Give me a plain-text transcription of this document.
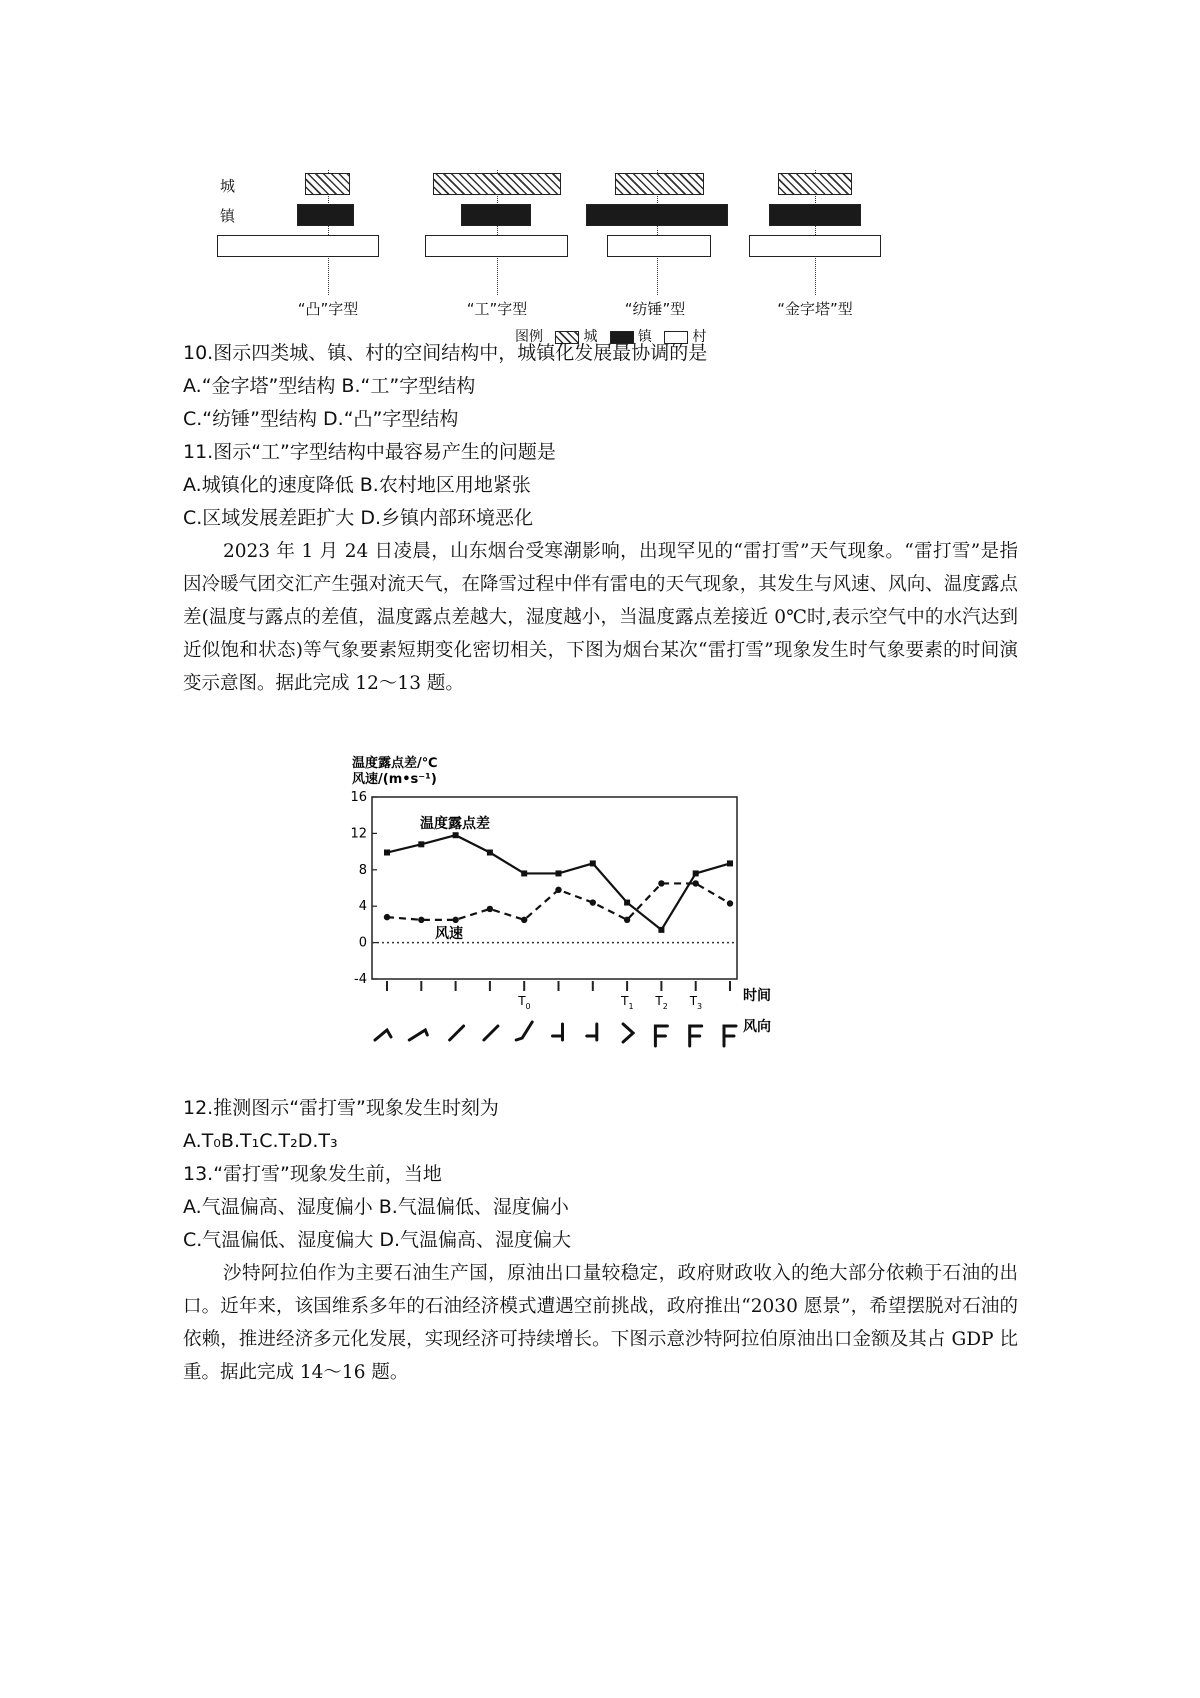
城
镇
“凸”字型	“工”字型	“纺锤”型	“金字塔”型
图例	城	镇	村

10.图示四类城、镇、村的空间结构中，城镇化发展最协调的是

A.“金字塔”型结构 B.“工”字型结构

C.“纺锤”型结构 D.“凸”字型结构

11.图示“工”字型结构中最容易产生的问题是

A.城镇化的速度降低 B.农村地区用地紧张

C.区域发展差距扩大 D.乡镇内部环境恶化

2023 年 1 月 24 日凌晨，山东烟台受寒潮影响，出现罕见的“雷打雪”天气现象。“雷打雪”是指因冷暖气团交汇产生强对流天气，在降雪过程中伴有雷电的天气现象，其发生与风速、风向、温度露点差(温度与露点的差值，温度露点差越大，湿度越小，当温度露点差接近 0℃时,表示空气中的水汽达到近似饱和状态)等气象要素短期变化密切相关，下图为烟台某次“雷打雪”现象发生时气象要素的时间演变示意图。据此完成 12～13 题。

温度露点差/℃
风速/(m•s⁻¹)
16
12
8
4
0
-4
$T_0$	$T_1$ $T_2$ $T_3$
温度露点差
风速
时间
风向

12.推测图示“雷打雪”现象发生时刻为

A.T₀B.T₁C.T₂D.T₃

13.“雷打雪”现象发生前，当地

A.气温偏高、湿度偏小 B.气温偏低、湿度偏小

C.气温偏低、湿度偏大 D.气温偏高、湿度偏大

沙特阿拉伯作为主要石油生产国，原油出口量较稳定，政府财政收入的绝大部分依赖于石油的出口。近年来，该国维系多年的石油经济模式遭遇空前挑战，政府推出“2030 愿景”，希望摆脱对石油的依赖，推进经济多元化发展，实现经济可持续增长。下图示意沙特阿拉伯原油出口金额及其占 GDP 比重。据此完成 14～16 题。
